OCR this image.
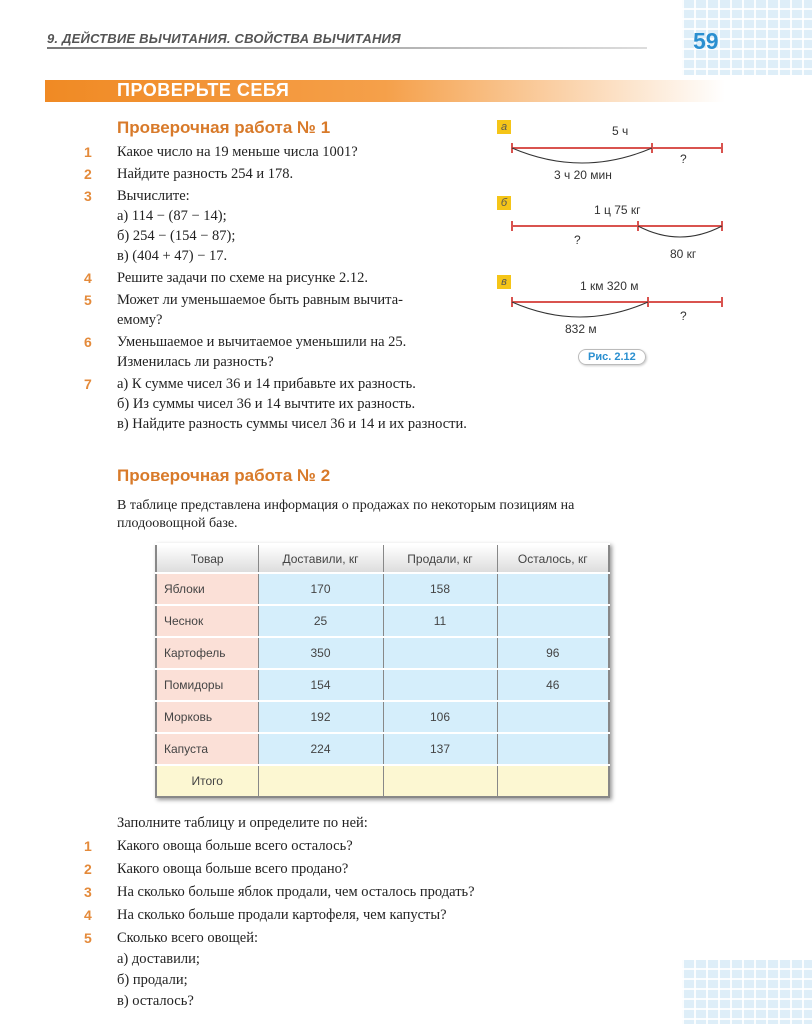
9. ДЕЙСТВИЕ ВЫЧИТАНИЯ. СВОЙСТВА ВЫЧИТАНИЯ	59
ПРОВЕРЬТЕ СЕБЯ
Проверочная работа № 1
1 Какое число на 19 меньше числа 1001?
2 Найдите разность 254 и 178.
3 Вычислите:
а) 114 − (87 − 14);
б) 254 − (154 − 87);
в) (404 + 47) − 17.
4 Решите задачи по схеме на рисунке 2.12.
5 Может ли уменьшаемое быть равным вычита-
емому?
6 Уменьшаемое и вычитаемое уменьшили на 25.
Изменилась ли разность?
7 а) К сумме чисел 36 и 14 прибавьте их разность.
б) Из суммы чисел 36 и 14 вычтите их разность.
в) Найдите разность суммы чисел 36 и 14 и их разности.
а	5 ч
?
3 ч 20 мин
б	1 ц 75 кг
?
80 кг
в	1 км 320 м
?
832 м
Рис. 2.12
Проверочная работа № 2
В таблице представлена информация о продажах по некоторым позициям на
плодоовощной базе.
Товар	Доставили, кг	Продали, кг	Осталось, кг
Яблоки	170	158	
Чеснок	25	11	
Картофель	350		96
Помидоры	154		46
Морковь	192	106	
Капуста	224	137	
Итого			
Заполните таблицу и определите по ней:
1 Какого овоща больше всего осталось?
2 Какого овоща больше всего продано?
3 На сколько больше яблок продали, чем осталось продать?
4 На сколько больше продали картофеля, чем капусты?
5 Сколько всего овощей:
а) доставили;
б) продали;
в) осталось?
